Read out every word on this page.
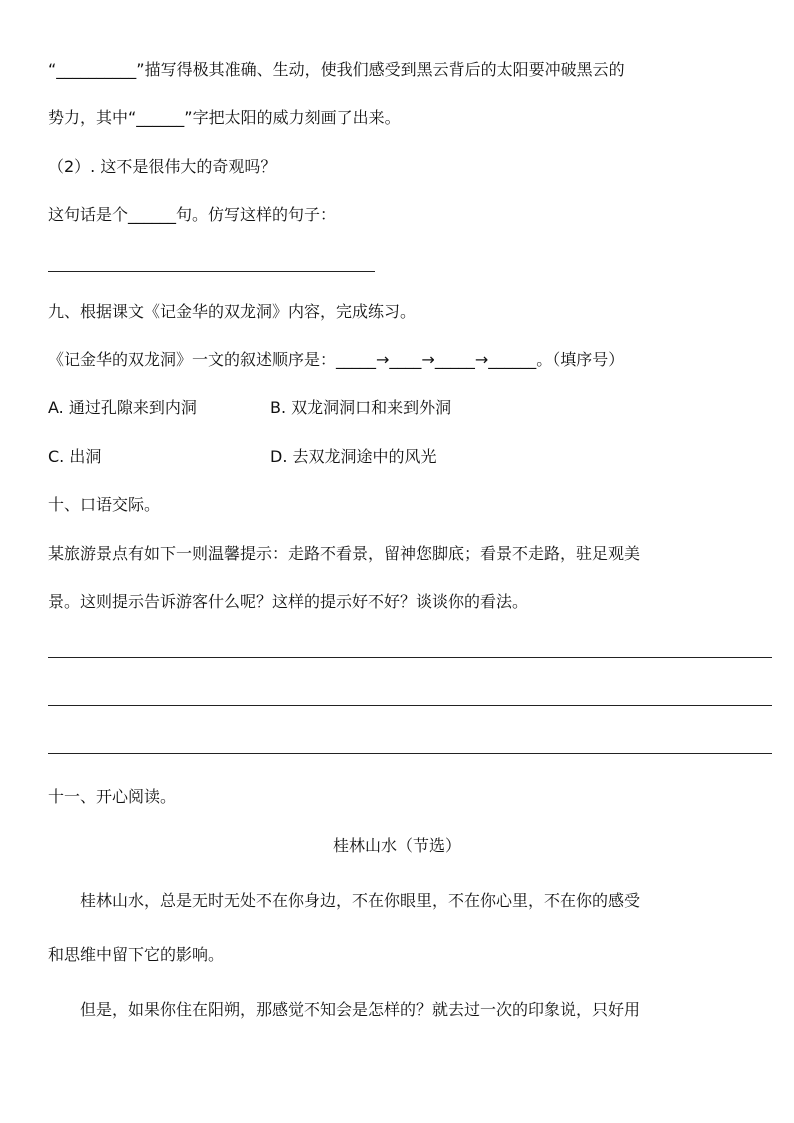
“__________”描写得极其准确、生动，使我们感受到黑云背后的太阳要冲破黑云的
势力，其中“______”字把太阳的威力刻画了出来。
（2）. 这不是很伟大的奇观吗？
这句话是个______句。仿写这样的句子：
九、根据课文《记金华的双龙洞》内容，完成练习。
《记金华的双龙洞》一文的叙述顺序是：_____→____→_____→______。（填序号）
A. 通过孔隙来到内洞	B. 双龙洞洞口和来到外洞
C. 出洞	D. 去双龙洞途中的风光
十、口语交际。
某旅游景点有如下一则温馨提示：走路不看景，留神您脚底；看景不走路，驻足观美
景。这则提示告诉游客什么呢？这样的提示好不好？谈谈你的看法。
十一、开心阅读。
桂林山水（节选）
桂林山水，总是无时无处不在你身边，不在你眼里，不在你心里，不在你的感受
和思维中留下它的影响。
但是，如果你住在阳朔，那感觉不知会是怎样的？就去过一次的印象说，只好用
